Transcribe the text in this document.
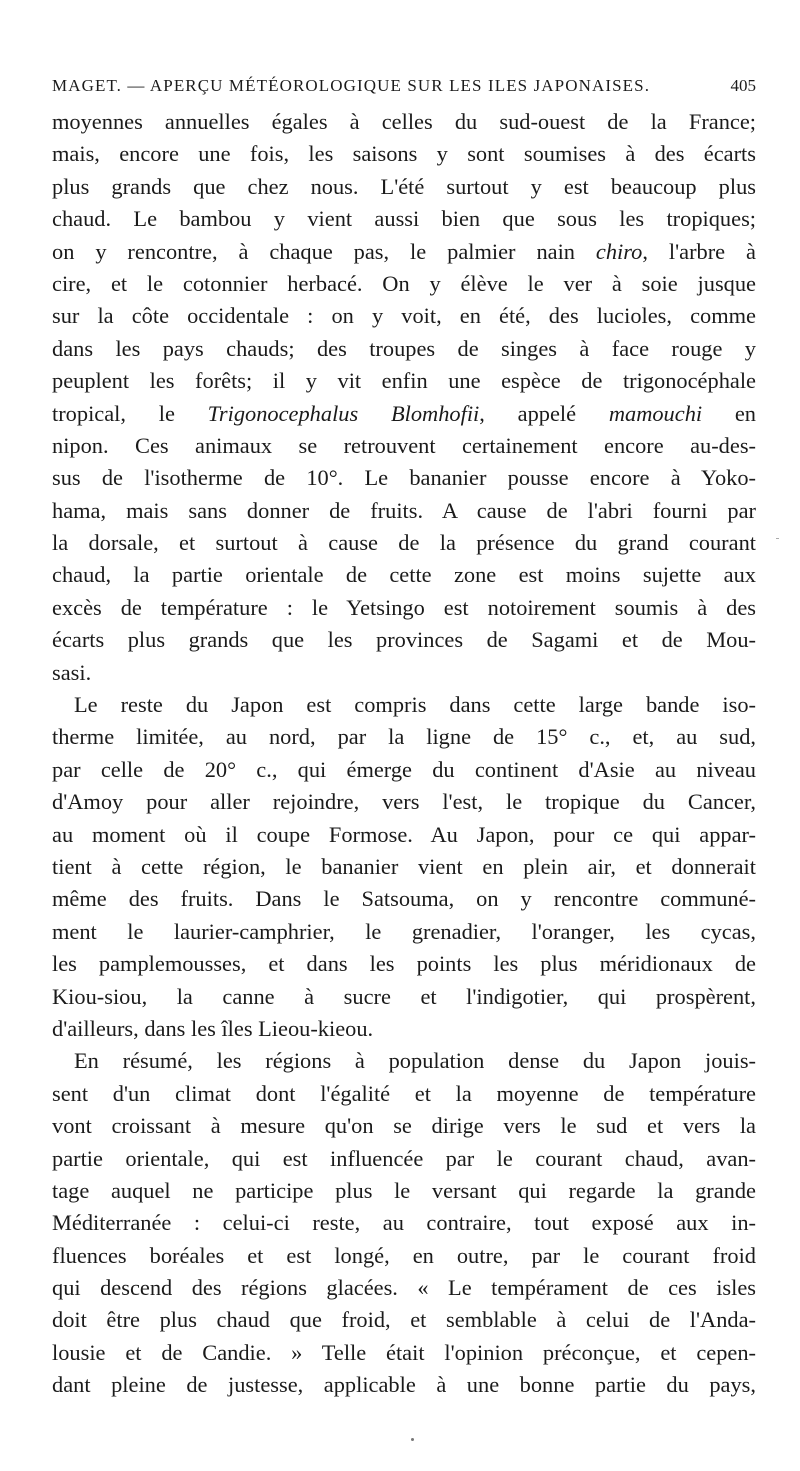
MAGET. — APERÇU MÉTÉOROLOGIQUE SUR LES ILES JAPONAISES.	405
moyennes annuelles égales à celles du sud-ouest de la France;
mais, encore une fois, les saisons y sont soumises à des écarts
plus grands que chez nous. L'été surtout y est beaucoup plus
chaud. Le bambou y vient aussi bien que sous les tropiques;
on y rencontre, à chaque pas, le palmier nain chiro, l'arbre à
cire, et le cotonnier herbacé. On y élève le ver à soie jusque
sur la côte occidentale : on y voit, en été, des lucioles, comme
dans les pays chauds; des troupes de singes à face rouge y
peuplent les forêts; il y vit enfin une espèce de trigonocéphale
tropical, le Trigonocephalus Blomhofii, appelé mamouchi en
nipon. Ces animaux se retrouvent certainement encore au-des-
sus de l'isotherme de 10°. Le bananier pousse encore à Yoko-
hama, mais sans donner de fruits. A cause de l'abri fourni par
la dorsale, et surtout à cause de la présence du grand courant
chaud, la partie orientale de cette zone est moins sujette aux
excès de température : le Yetsingo est notoirement soumis à des
écarts plus grands que les provinces de Sagami et de Mou-
sasi.
Le reste du Japon est compris dans cette large bande iso-
therme limitée, au nord, par la ligne de 15° c., et, au sud,
par celle de 20° c., qui émerge du continent d'Asie au niveau
d'Amoy pour aller rejoindre, vers l'est, le tropique du Cancer,
au moment où il coupe Formose. Au Japon, pour ce qui appar-
tient à cette région, le bananier vient en plein air, et donnerait
même des fruits. Dans le Satsouma, on y rencontre communé-
ment le laurier-camphrier, le grenadier, l'oranger, les cycas,
les pamplemousses, et dans les points les plus méridionaux de
Kiou-siou, la canne à sucre et l'indigotier, qui prospèrent,
d'ailleurs, dans les îles Lieou-kieou.
En résumé, les régions à population dense du Japon jouis-
sent d'un climat dont l'égalité et la moyenne de température
vont croissant à mesure qu'on se dirige vers le sud et vers la
partie orientale, qui est influencée par le courant chaud, avan-
tage auquel ne participe plus le versant qui regarde la grande
Méditerranée : celui-ci reste, au contraire, tout exposé aux in-
fluences boréales et est longé, en outre, par le courant froid
qui descend des régions glacées. « Le tempérament de ces isles
doit être plus chaud que froid, et semblable à celui de l'Anda-
lousie et de Candie. » Telle était l'opinion préconçue, et cepen-
dant pleine de justesse, applicable à une bonne partie du pays,
